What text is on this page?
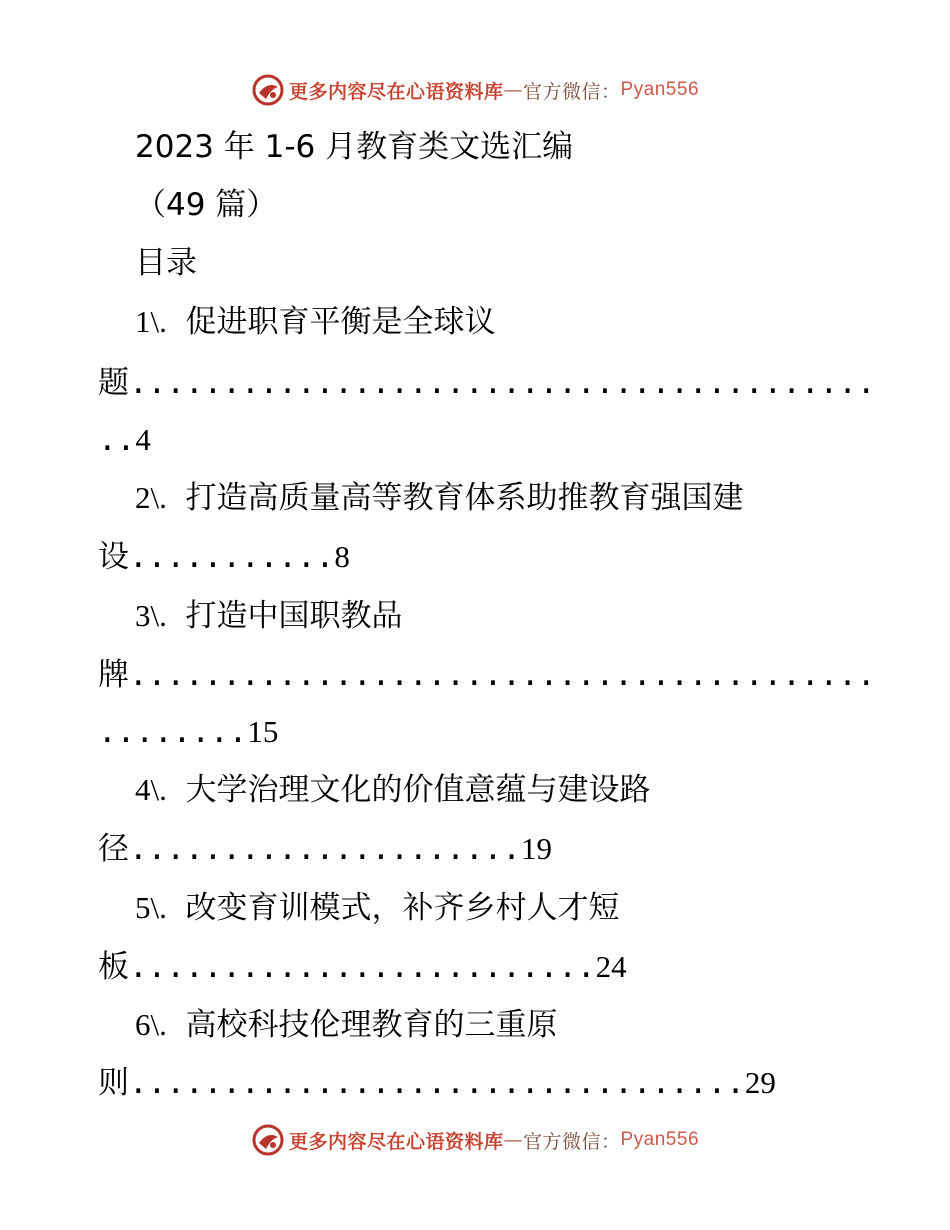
更多内容尽在心语资料库 — 官方微信： Pyan556
2023 年 1-6 月教育类文选汇编
（49 篇）
目录
1\. 促进职育平衡是全球议
题........................................
..4
2\. 打造高质量高等教育体系助推教育强国建
设...........8
3\. 打造中国职教品
牌........................................
........15
4\. 大学治理文化的价值意蕴与建设路
径.....................19
5\. 改变育训模式，补齐乡村人才短
板.........................24
6\. 高校科技伦理教育的三重原
则.................................29
更多内容尽在心语资料库 — 官方微信： Pyan556
